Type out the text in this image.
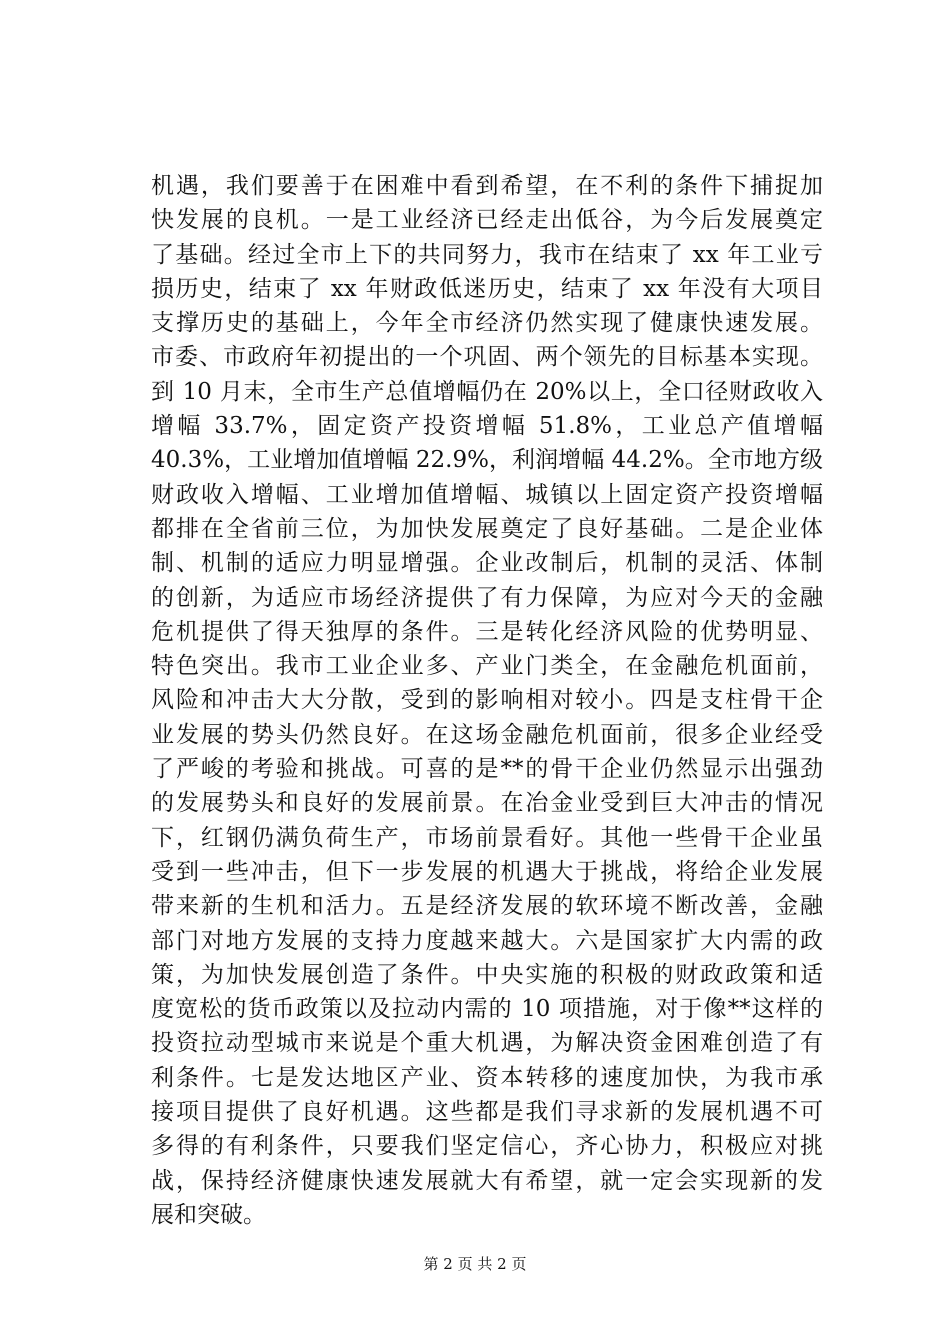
机遇，我们要善于在困难中看到希望，在不利的条件下捕捉加
快发展的良机。一是工业经济已经走出低谷，为今后发展奠定
了基础。经过全市上下的共同努力，我市在结束了 xx 年工业亏
损历史，结束了 xx 年财政低迷历史，结束了 xx 年没有大项目
支撑历史的基础上，今年全市经济仍然实现了健康快速发展。
市委、市政府年初提出的一个巩固、两个领先的目标基本实现。
到 10 月末，全市生产总值增幅仍在 20%以上，全口径财政收入
增幅 33.7%，固定资产投资增幅 51.8%，工业总产值增幅
40.3%，工业增加值增幅 22.9%，利润增幅 44.2%。全市地方级
财政收入增幅、工业增加值增幅、城镇以上固定资产投资增幅
都排在全省前三位，为加快发展奠定了良好基础。二是企业体
制、机制的适应力明显增强。企业改制后，机制的灵活、体制
的创新，为适应市场经济提供了有力保障，为应对今天的金融
危机提供了得天独厚的条件。三是转化经济风险的优势明显、
特色突出。我市工业企业多、产业门类全，在金融危机面前，
风险和冲击大大分散，受到的影响相对较小。四是支柱骨干企
业发展的势头仍然良好。在这场金融危机面前，很多企业经受
了严峻的考验和挑战。可喜的是**的骨干企业仍然显示出强劲
的发展势头和良好的发展前景。在冶金业受到巨大冲击的情况
下，红钢仍满负荷生产，市场前景看好。其他一些骨干企业虽
受到一些冲击，但下一步发展的机遇大于挑战，将给企业发展
带来新的生机和活力。五是经济发展的软环境不断改善，金融
部门对地方发展的支持力度越来越大。六是国家扩大内需的政
策，为加快发展创造了条件。中央实施的积极的财政政策和适
度宽松的货币政策以及拉动内需的 10 项措施，对于像**这样的
投资拉动型城市来说是个重大机遇，为解决资金困难创造了有
利条件。七是发达地区产业、资本转移的速度加快，为我市承
接项目提供了良好机遇。这些都是我们寻求新的发展机遇不可
多得的有利条件，只要我们坚定信心，齐心协力，积极应对挑
战，保持经济健康快速发展就大有希望，就一定会实现新的发
展和突破。
第 2 页 共 2 页
